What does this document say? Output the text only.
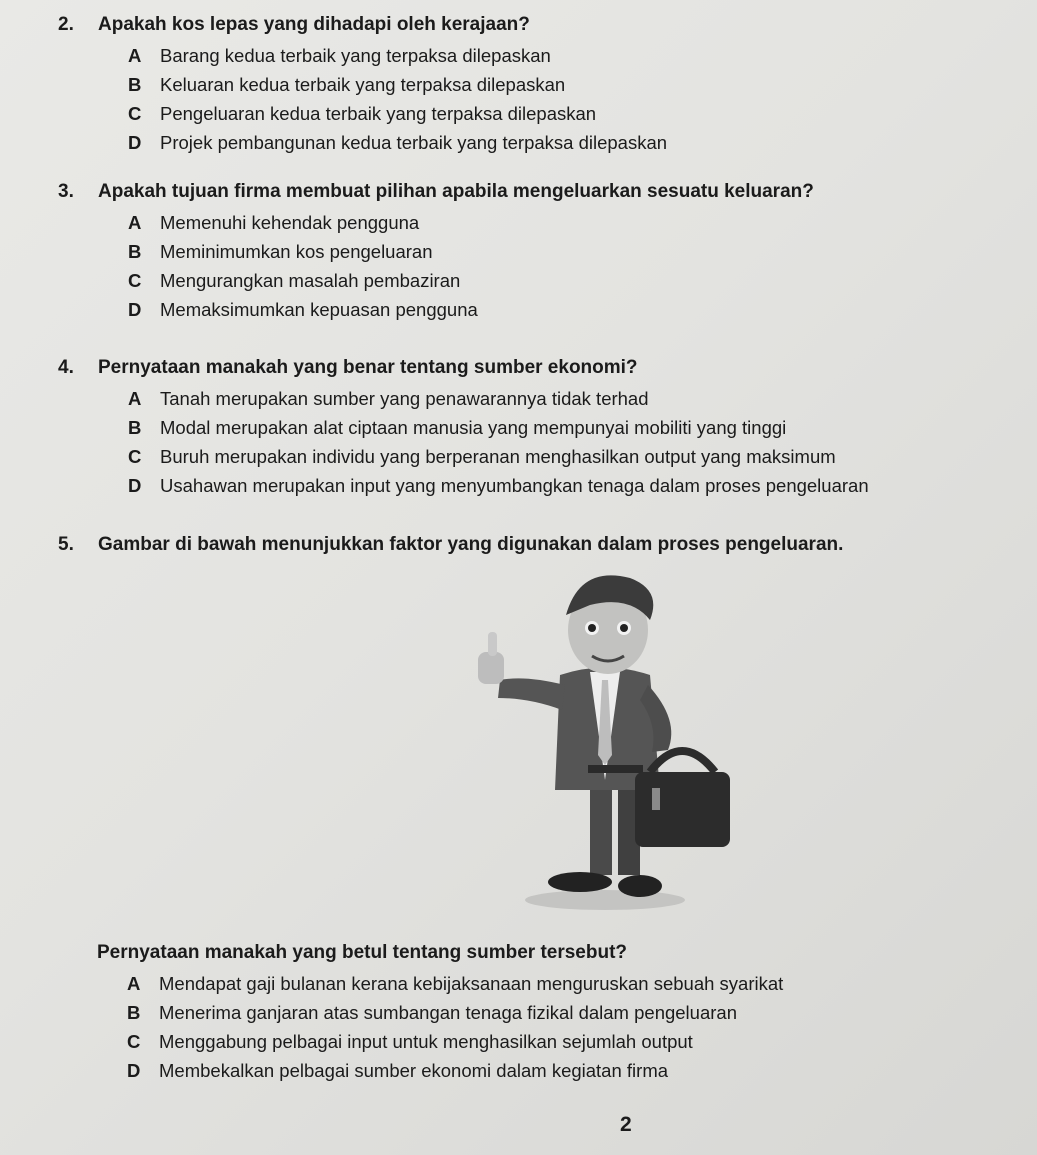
2.	Apakah kos lepas yang dihadapi oleh kerajaan?
A	Barang kedua terbaik yang terpaksa dilepaskan
B	Keluaran kedua terbaik yang terpaksa dilepaskan
C	Pengeluaran kedua terbaik yang terpaksa dilepaskan
D	Projek pembangunan kedua terbaik yang terpaksa dilepaskan
3.	Apakah tujuan firma membuat pilihan apabila mengeluarkan sesuatu keluaran?
A	Memenuhi kehendak pengguna
B	Meminimumkan kos pengeluaran
C	Mengurangkan masalah pembaziran
D	Memaksimumkan kepuasan pengguna
4.	Pernyataan manakah yang benar tentang sumber ekonomi?
A	Tanah merupakan sumber yang penawarannya tidak terhad
B	Modal merupakan alat ciptaan manusia yang mempunyai mobiliti yang tinggi
C	Buruh merupakan individu yang berperanan menghasilkan output yang maksimum
D	Usahawan merupakan input yang menyumbangkan tenaga dalam proses pengeluaran
5.	Gambar di bawah menunjukkan faktor yang digunakan dalam proses pengeluaran.
Pernyataan manakah yang betul tentang sumber tersebut?
A	Mendapat gaji bulanan kerana kebijaksanaan menguruskan sebuah syarikat
B	Menerima ganjaran atas sumbangan tenaga fizikal dalam pengeluaran
C	Menggabung pelbagai input untuk menghasilkan sejumlah output
D	Membekalkan pelbagai sumber ekonomi dalam kegiatan firma
2
